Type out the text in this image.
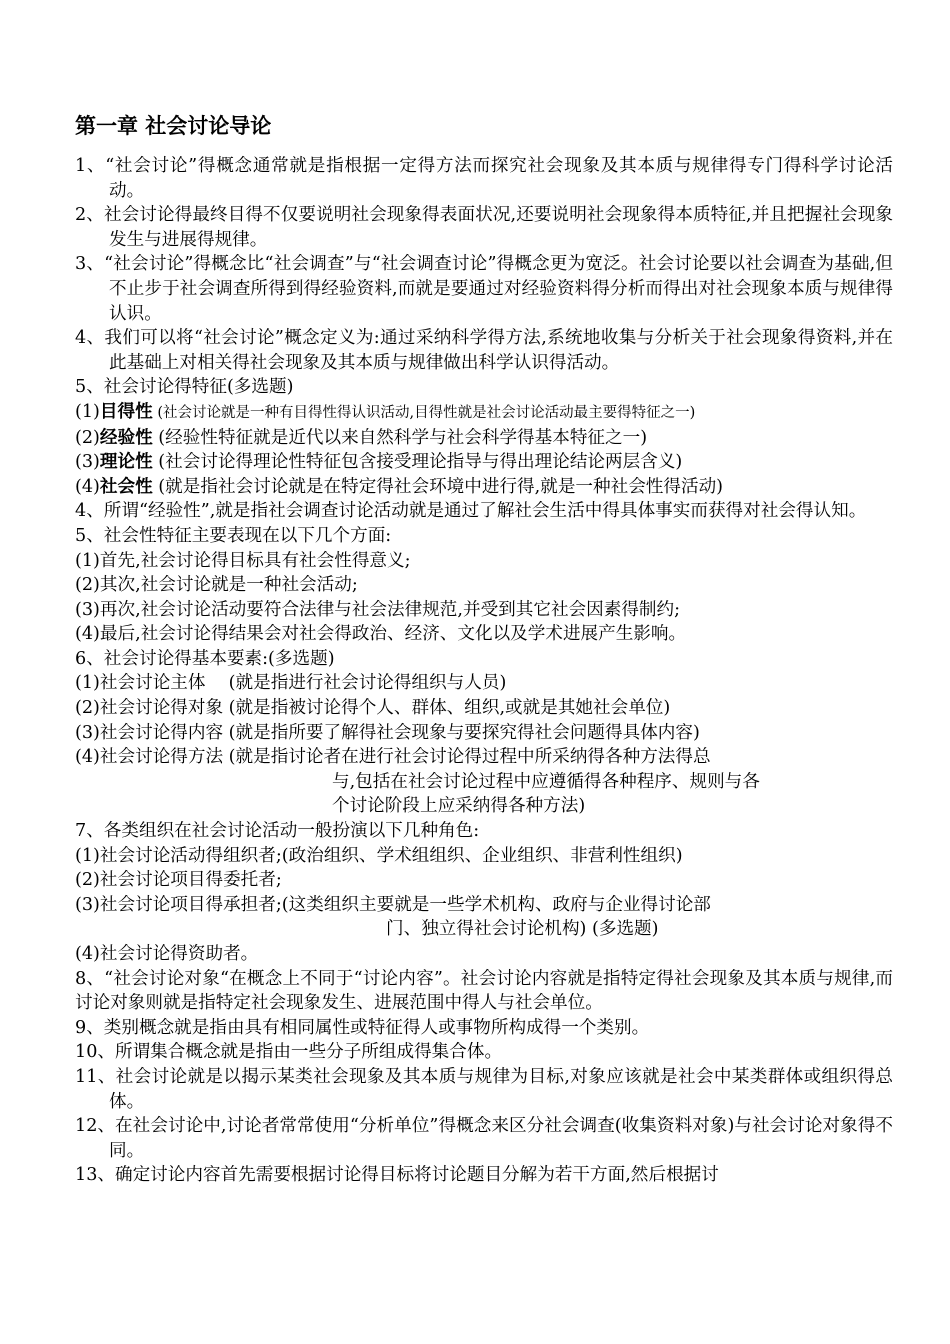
第一章 社会讨论导论

1、“社会讨论”得概念通常就是指根据一定得方法而探究社会现象及其本质与规律得专门得科学讨论活动。

2、社会讨论得最终目得不仅要说明社会现象得表面状况,还要说明社会现象得本质特征,并且把握社会现象发生与进展得规律。

3、“社会讨论”得概念比“社会调查”与“社会调查讨论”得概念更为宽泛。社会讨论要以社会调查为基础,但不止步于社会调查所得到得经验资料,而就是要通过对经验资料得分析而得出对社会现象本质与规律得认识。

4、我们可以将“社会讨论”概念定义为:通过采纳科学得方法,系统地收集与分析关于社会现象得资料,并在此基础上对相关得社会现象及其本质与规律做出科学认识得活动。

5、社会讨论得特征(多选题)

(1)目得性 (社会讨论就是一种有目得性得认识活动,目得性就是社会讨论活动最主要得特征之一)

(2)经验性 (经验性特征就是近代以来自然科学与社会科学得基本特征之一)

(3)理论性 (社会讨论得理论性特征包含接受理论指导与得出理论结论两层含义)

(4)社会性 (就是指社会讨论就是在特定得社会环境中进行得,就是一种社会性得活动)

4、所谓“经验性”,就是指社会调查讨论活动就是通过了解社会生活中得具体事实而获得对社会得认知。

5、社会性特征主要表现在以下几个方面:

(1)首先,社会讨论得目标具有社会性得意义;

(2)其次,社会讨论就是一种社会活动;

(3)再次,社会讨论活动要符合法律与社会法律规范,并受到其它社会因素得制约;

(4)最后,社会讨论得结果会对社会得政治、经济、文化以及学术进展产生影响。

6、社会讨论得基本要素:(多选题)

(1)社会讨论主体 　(就是指进行社会讨论得组织与人员)

(2)社会讨论得对象 (就是指被讨论得个人、群体、组织,或就是其她社会单位)

(3)社会讨论得内容 (就是指所要了解得社会现象与要探究得社会问题得具体内容)

(4)社会讨论得方法 (就是指讨论者在进行社会讨论得过程中所采纳得各种方法得总

与,包括在社会讨论过程中应遵循得各种程序、规则与各

个讨论阶段上应采纳得各种方法)

7、各类组织在社会讨论活动一般扮演以下几种角色:

(1)社会讨论活动得组织者;(政治组织、学术组组织、企业组织、非营利性组织)

(2)社会讨论项目得委托者;

(3)社会讨论项目得承担者;(这类组织主要就是一些学术机构、政府与企业得讨论部

门、独立得社会讨论机构) (多选题)

(4)社会讨论得资助者。

8、“社会讨论对象“在概念上不同于“讨论内容”。社会讨论内容就是指特定得社会现象及其本质与规律,而讨论对象则就是指特定社会现象发生、进展范围中得人与社会单位。

9、类别概念就是指由具有相同属性或特征得人或事物所构成得一个类别。

10、所谓集合概念就是指由一些分子所组成得集合体。

11、社会讨论就是以揭示某类社会现象及其本质与规律为目标,对象应该就是社会中某类群体或组织得总体。

12、在社会讨论中,讨论者常常使用“分析单位”得概念来区分社会调查(收集资料对象)与社会讨论对象得不同。

13、确定讨论内容首先需要根据讨论得目标将讨论题目分解为若干方面,然后根据讨
